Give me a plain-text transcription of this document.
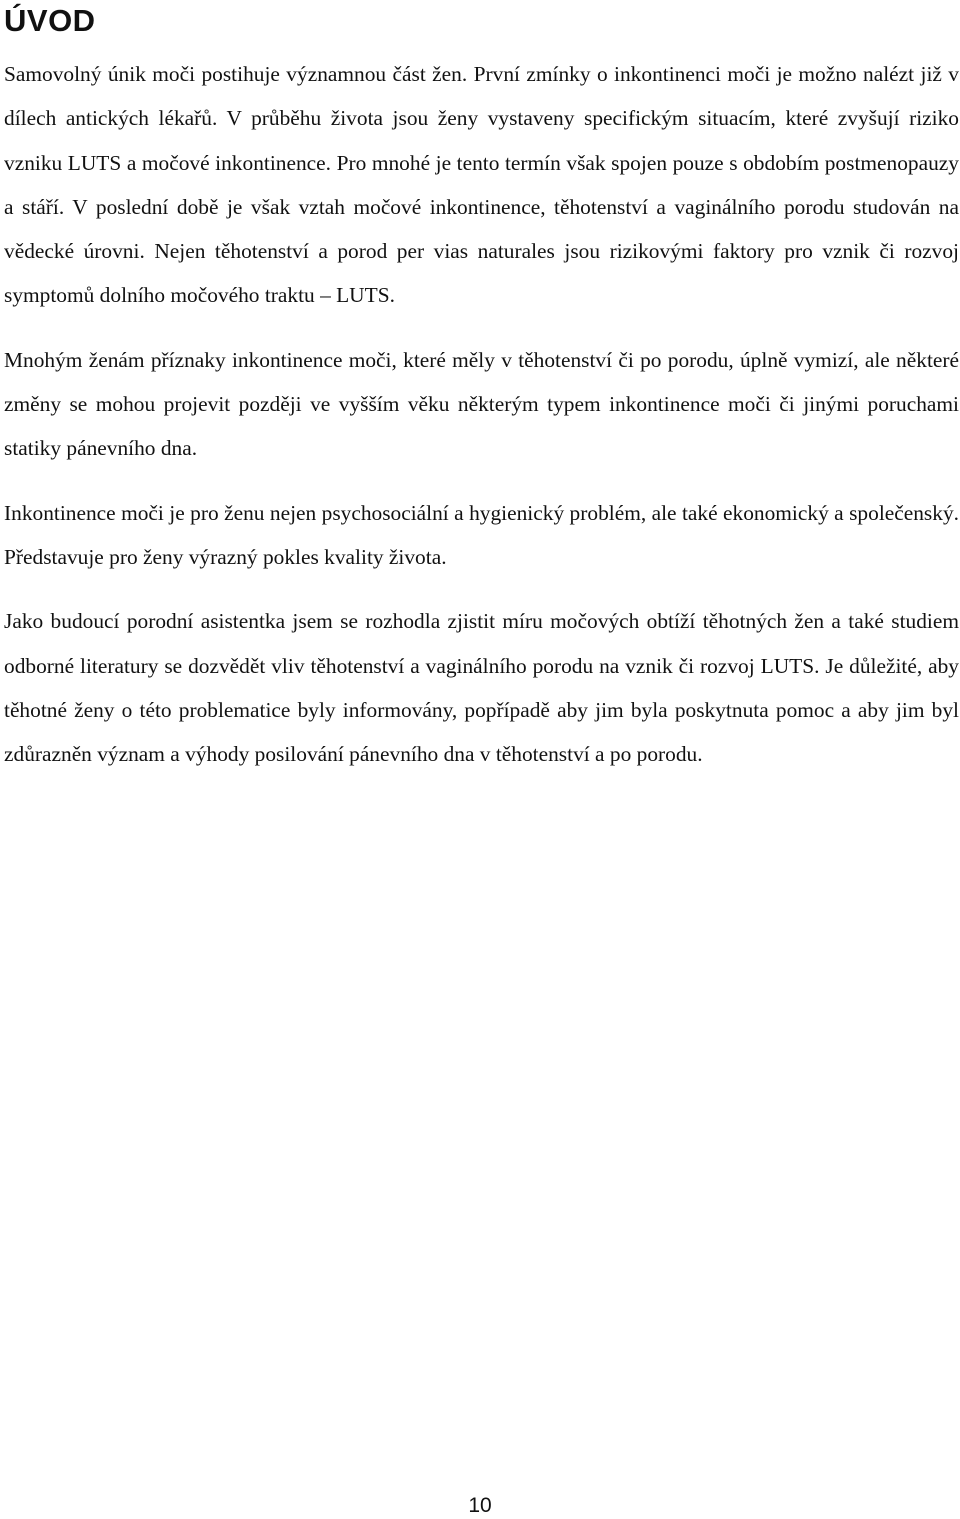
ÚVOD

Samovolný únik moči postihuje významnou část žen. První zmínky o inkontinenci moči je možno nalézt již v dílech antických lékařů. V průběhu života jsou ženy vystaveny specifickým situacím, které zvyšují riziko vzniku LUTS a močové inkontinence. Pro mnohé je tento termín však spojen pouze s obdobím postmenopauzy a stáří. V poslední době je však vztah močové inkontinence, těhotenství a vaginálního porodu studován na vědecké úrovni. Nejen těhotenství a porod per vias naturales jsou rizikovými faktory pro vznik či rozvoj symptomů dolního močového traktu – LUTS.

Mnohým ženám příznaky inkontinence moči, které měly v těhotenství či po porodu, úplně vymizí, ale některé změny se mohou projevit později ve vyšším věku některým typem inkontinence moči či jinými poruchami statiky pánevního dna.

Inkontinence moči je pro ženu nejen psychosociální a hygienický problém, ale také ekonomický a společenský. Představuje pro ženy výrazný pokles kvality života.

Jako budoucí porodní asistentka jsem se rozhodla zjistit míru močových obtíží těhotných žen a také studiem odborné literatury se dozvědět vliv těhotenství a vaginálního porodu na vznik či rozvoj LUTS. Je důležité, aby těhotné ženy o této problematice byly informovány, popřípadě aby jim byla poskytnuta pomoc a aby jim byl zdůrazněn význam a výhody posilování pánevního dna v těhotenství a po porodu.

10
